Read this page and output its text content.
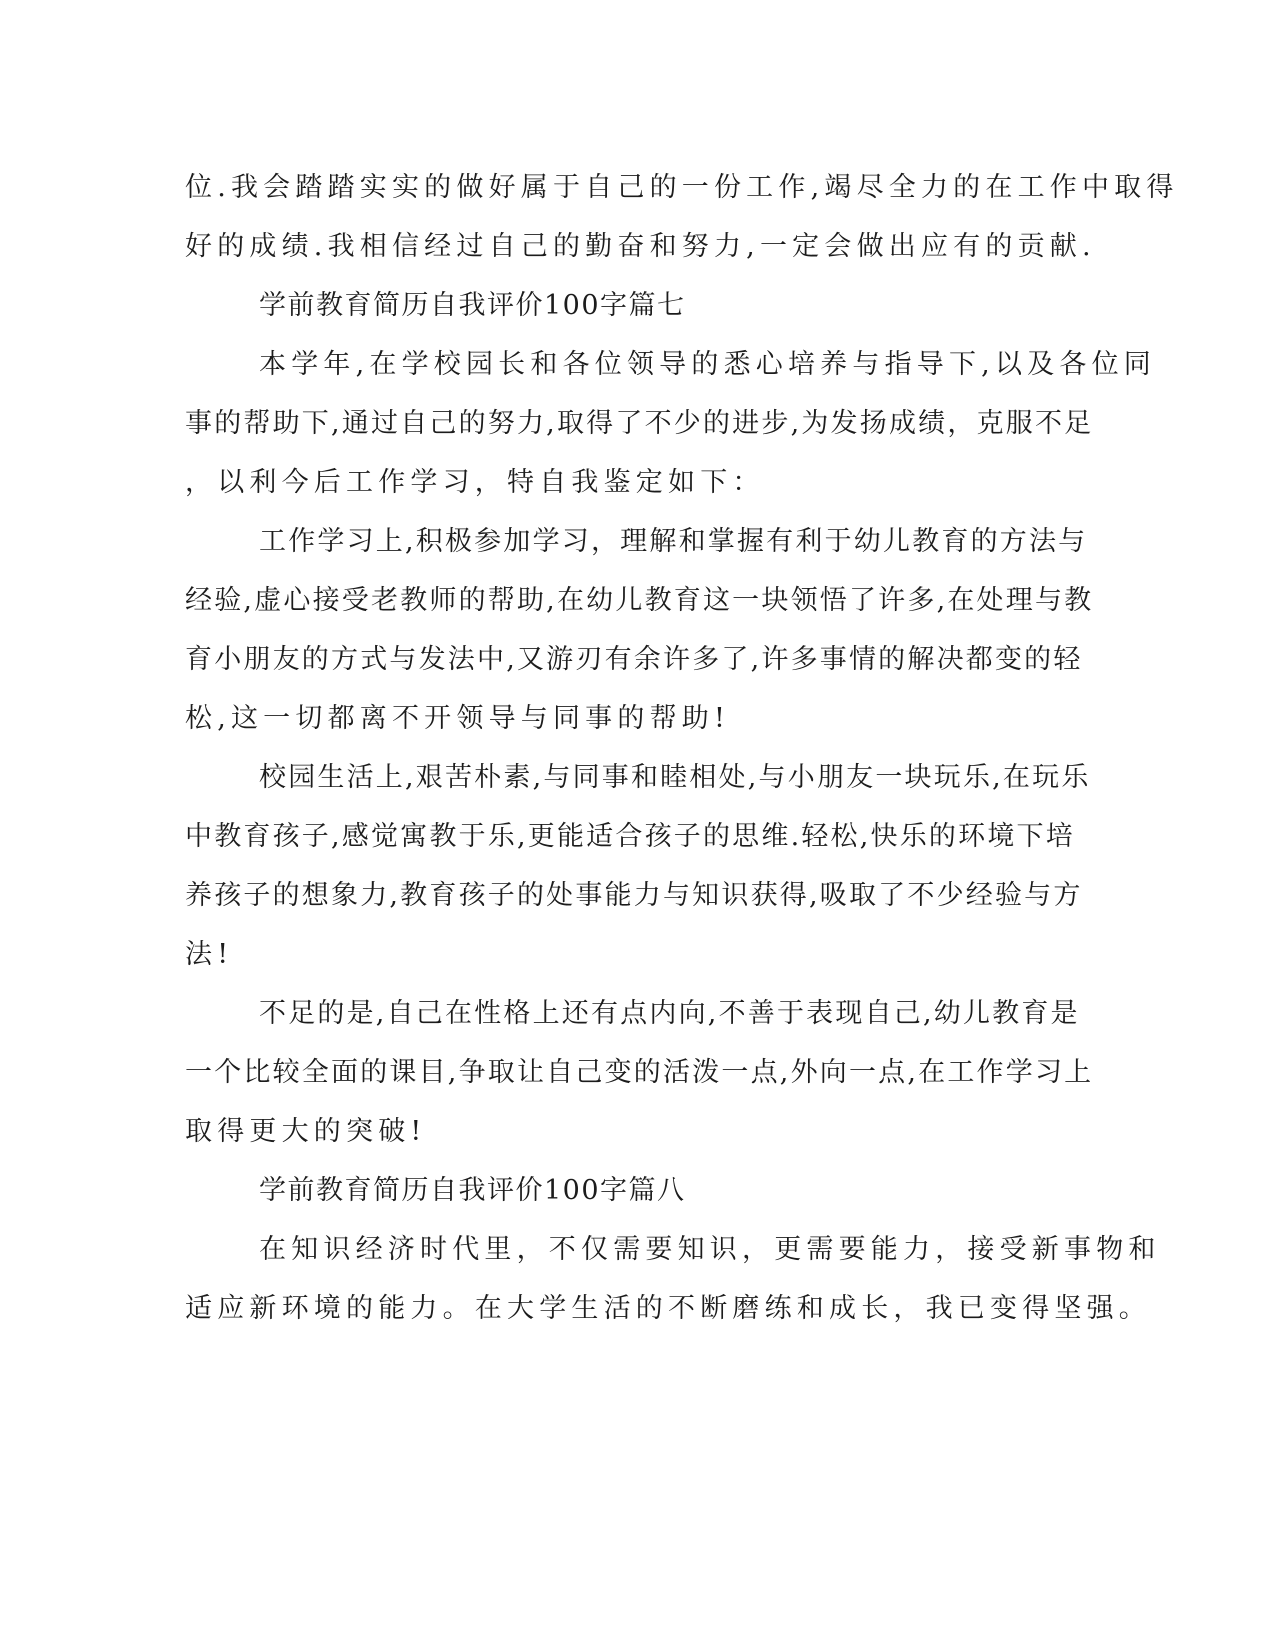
位.我会踏踏实实的做好属于自己的一份工作,竭尽全力的在工作中取得

好的成绩.我相信经过自己的勤奋和努力,一定会做出应有的贡献.

学前教育简历自我评价100字篇七

本学年,在学校园长和各位领导的悉心培养与指导下,以及各位同

事的帮助下,通过自己的努力,取得了不少的进步,为发扬成绩，克服不足

，以利今后工作学习，特自我鉴定如下：

工作学习上,积极参加学习，理解和掌握有利于幼儿教育的方法与

经验,虚心接受老教师的帮助,在幼儿教育这一块领悟了许多,在处理与教

育小朋友的方式与发法中,又游刃有余许多了,许多事情的解决都变的轻

松,这一切都离不开领导与同事的帮助!

校园生活上,艰苦朴素,与同事和睦相处,与小朋友一块玩乐,在玩乐

中教育孩子,感觉寓教于乐,更能适合孩子的思维.轻松,快乐的环境下培

养孩子的想象力,教育孩子的处事能力与知识获得,吸取了不少经验与方

法!

不足的是,自己在性格上还有点内向,不善于表现自己,幼儿教育是

一个比较全面的课目,争取让自己变的活泼一点,外向一点,在工作学习上

取得更大的突破!

学前教育简历自我评价100字篇八

在知识经济时代里，不仅需要知识，更需要能力，接受新事物和

适应新环境的能力。在大学生活的不断磨练和成长，我已变得坚强。
